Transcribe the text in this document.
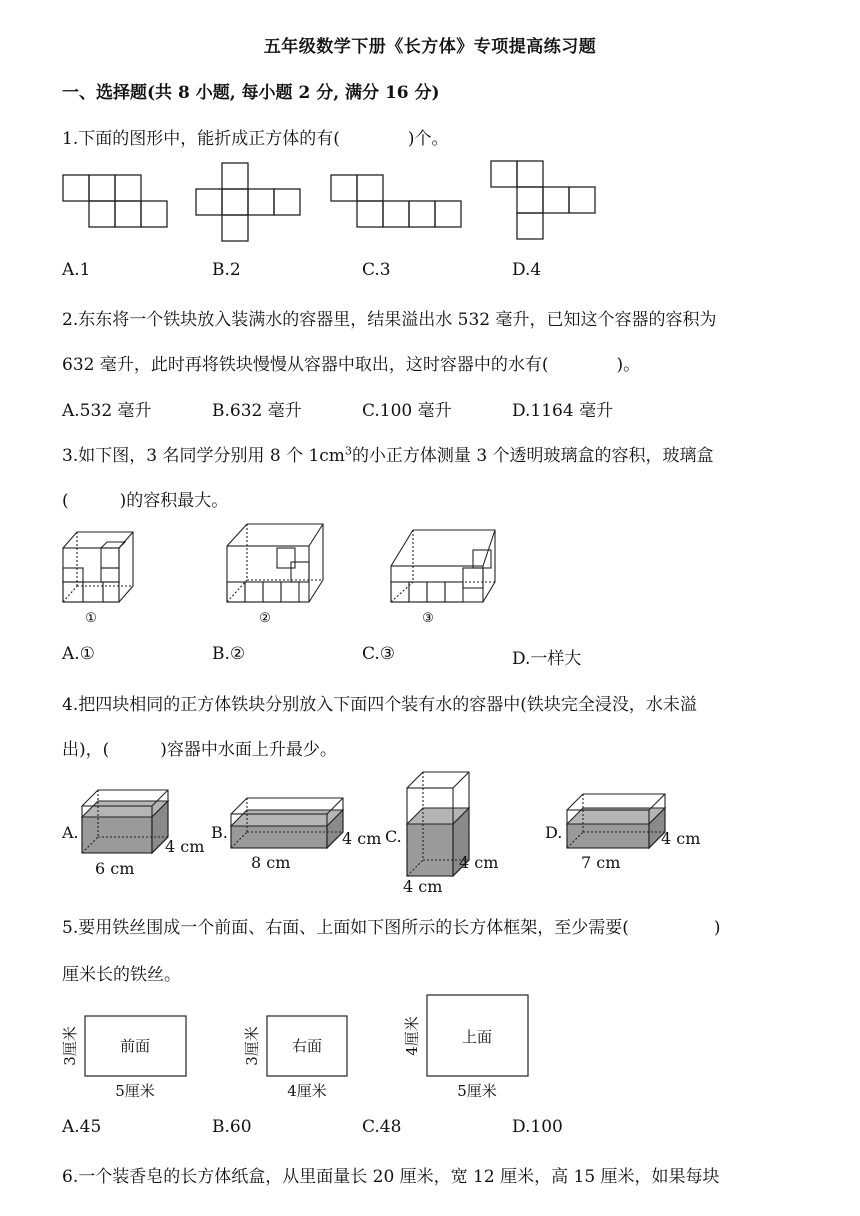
五年级数学下册《长方体》专项提高练习题
一、选择题(共 8 小题, 每小题 2 分, 满分 16 分)
1.下面的图形中，能折成正方体的有(　　　　)个。
A.1	B.2	C.3	D.4
2.东东将一个铁块放入装满水的容器里，结果溢出水 532 毫升，已知这个容器的容积为
632 毫升，此时再将铁块慢慢从容器中取出，这时容器中的水有(　　　　)。
A.532 毫升	B.632 毫升	C.100 毫升	D.1164 毫升
3.如下图，3 名同学分别用 8 个 $1cm^3$的小正方体测量 3 个透明玻璃盒的容积，玻璃盒
(　　　)的容积最大。
①	②	③
A.①	B.②	C.③	D.一样大
4.把四块相同的正方体铁块分别放入下面四个装有水的容器中(铁块完全浸没，水未溢
出)，(　　　)容器中水面上升最少。
A.
6 cm
4 cm
B.
8 cm
4 cm C.
4 cm
4 cm
D.
7 cm
4 cm
5.要用铁丝围成一个前面、右面、上面如下图所示的长方体框架，至少需要(　　　　　)
厘米长的铁丝。
前面
3厘米
5厘米
右面
3厘米
4厘米
上面
4厘米
5厘米
A.45	B.60	C.48	D.100
6.一个装香皂的长方体纸盒，从里面量长 20 厘米，宽 12 厘米，高 15 厘米，如果每块
